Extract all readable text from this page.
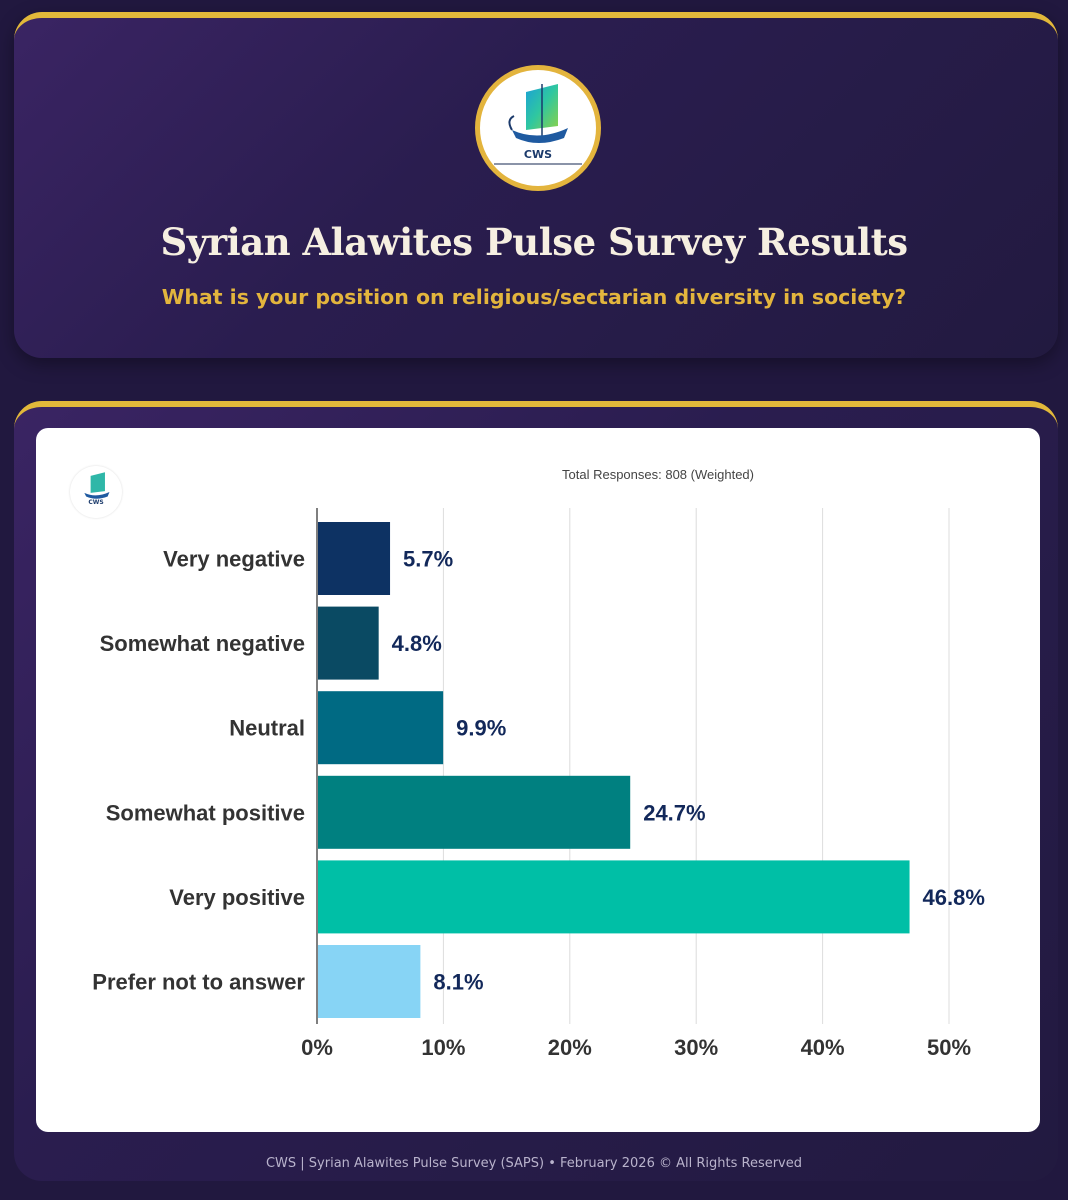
CWS
Syrian Alawites Pulse Survey Results
What is your position on religious/sectarian diversity in society?
CWS
Total Responses: 808 (Weighted)
Very negative	5.7%
Somewhat negative	4.8%
Neutral	9.9%
Somewhat positive	24.7%
Very positive	46.8%
Prefer not to answer	8.1%
0%	10%	20%	30%	40%	50%
CWS | Syrian Alawites Pulse Survey (SAPS) • February 2026 © All Rights Reserved
